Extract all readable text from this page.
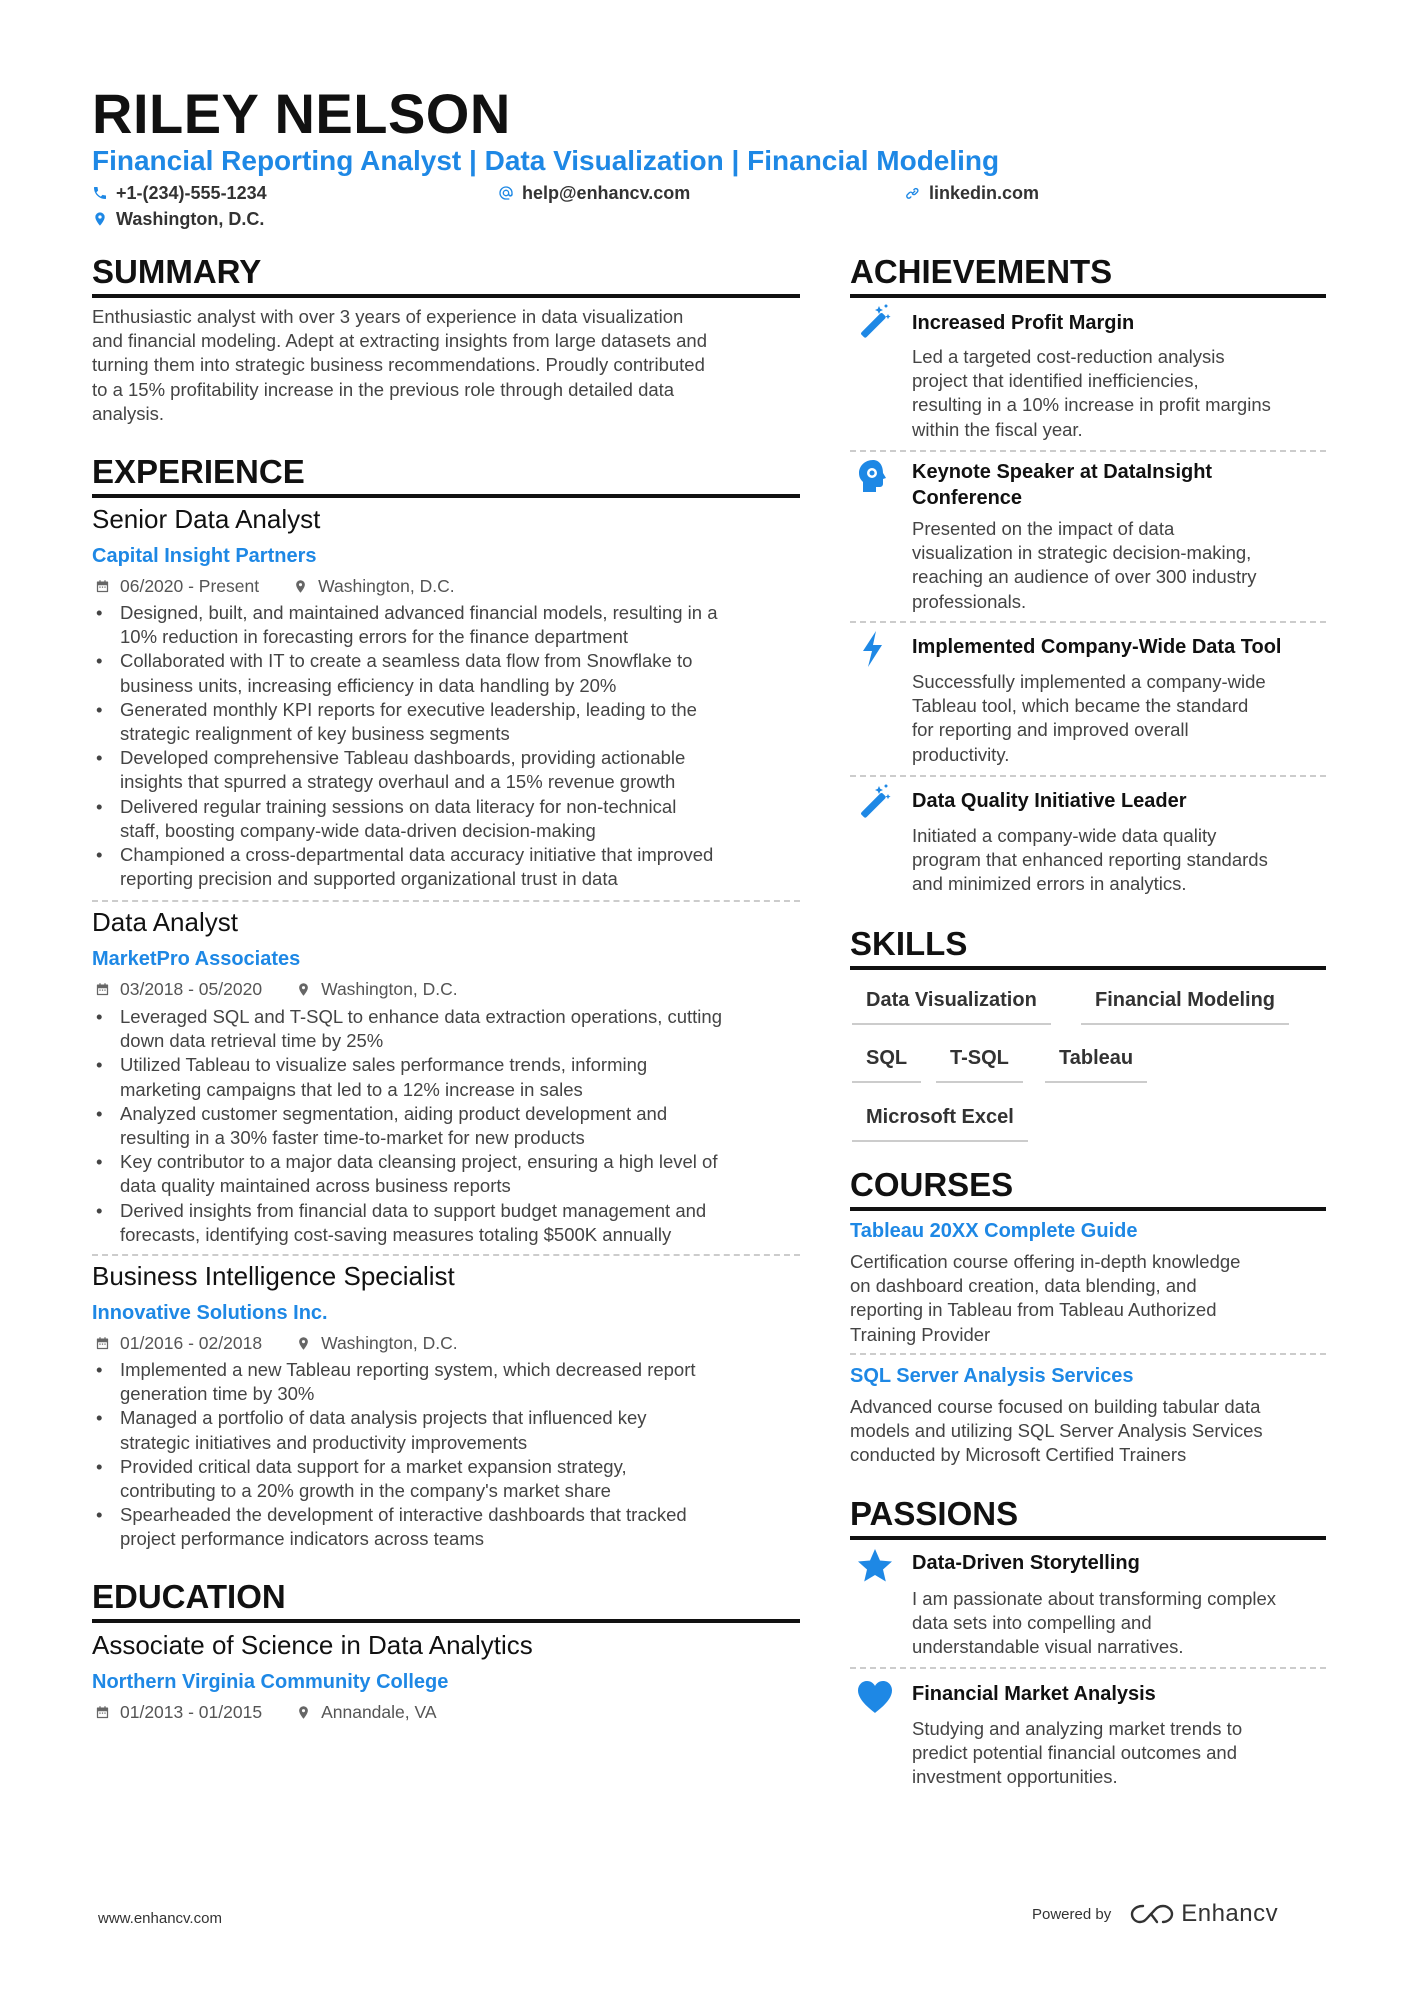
RILEY NELSON
Financial Reporting Analyst | Data Visualization | Financial Modeling
+1-(234)-555-1234	help@enhancv.com	linkedin.com
Washington, D.C.
SUMMARY
Enthusiastic analyst with over 3 years of experience in data visualization
and financial modeling. Adept at extracting insights from large datasets and
turning them into strategic business recommendations. Proudly contributed
to a 15% profitability increase in the previous role through detailed data
analysis.
EXPERIENCE
Senior Data Analyst
Capital Insight Partners
06/2020 - Present	Washington, D.C.
• Designed, built, and maintained advanced financial models, resulting in a
10% reduction in forecasting errors for the finance department
• Collaborated with IT to create a seamless data flow from Snowflake to
business units, increasing efficiency in data handling by 20%
• Generated monthly KPI reports for executive leadership, leading to the
strategic realignment of key business segments
• Developed comprehensive Tableau dashboards, providing actionable
insights that spurred a strategy overhaul and a 15% revenue growth
• Delivered regular training sessions on data literacy for non-technical
staff, boosting company-wide data-driven decision-making
• Championed a cross-departmental data accuracy initiative that improved
reporting precision and supported organizational trust in data
Data Analyst
MarketPro Associates
03/2018 - 05/2020	Washington, D.C.
• Leveraged SQL and T-SQL to enhance data extraction operations, cutting
down data retrieval time by 25%
• Utilized Tableau to visualize sales performance trends, informing
marketing campaigns that led to a 12% increase in sales
• Analyzed customer segmentation, aiding product development and
resulting in a 30% faster time-to-market for new products
• Key contributor to a major data cleansing project, ensuring a high level of
data quality maintained across business reports
• Derived insights from financial data to support budget management and
forecasts, identifying cost-saving measures totaling $500K annually
Business Intelligence Specialist
Innovative Solutions Inc.
01/2016 - 02/2018	Washington, D.C.
• Implemented a new Tableau reporting system, which decreased report
generation time by 30%
• Managed a portfolio of data analysis projects that influenced key
strategic initiatives and productivity improvements
• Provided critical data support for a market expansion strategy,
contributing to a 20% growth in the company's market share
• Spearheaded the development of interactive dashboards that tracked
project performance indicators across teams
EDUCATION
Associate of Science in Data Analytics
Northern Virginia Community College
01/2013 - 01/2015	Annandale, VA
ACHIEVEMENTS
Increased Profit Margin
Led a targeted cost-reduction analysis
project that identified inefficiencies,
resulting in a 10% increase in profit margins
within the fiscal year.
Keynote Speaker at DataInsight
Conference
Presented on the impact of data
visualization in strategic decision-making,
reaching an audience of over 300 industry
professionals.
Implemented Company-Wide Data Tool
Successfully implemented a company-wide
Tableau tool, which became the standard
for reporting and improved overall
productivity.
Data Quality Initiative Leader
Initiated a company-wide data quality
program that enhanced reporting standards
and minimized errors in analytics.
SKILLS
Data Visualization	Financial Modeling
SQL	T-SQL	Tableau
Microsoft Excel
COURSES
Tableau 20XX Complete Guide
Certification course offering in-depth knowledge
on dashboard creation, data blending, and
reporting in Tableau from Tableau Authorized
Training Provider
SQL Server Analysis Services
Advanced course focused on building tabular data
models and utilizing SQL Server Analysis Services
conducted by Microsoft Certified Trainers
PASSIONS
Data-Driven Storytelling
I am passionate about transforming complex
data sets into compelling and
understandable visual narratives.
Financial Market Analysis
Studying and analyzing market trends to
predict potential financial outcomes and
investment opportunities.
www.enhancv.com	Powered by	Enhancv
